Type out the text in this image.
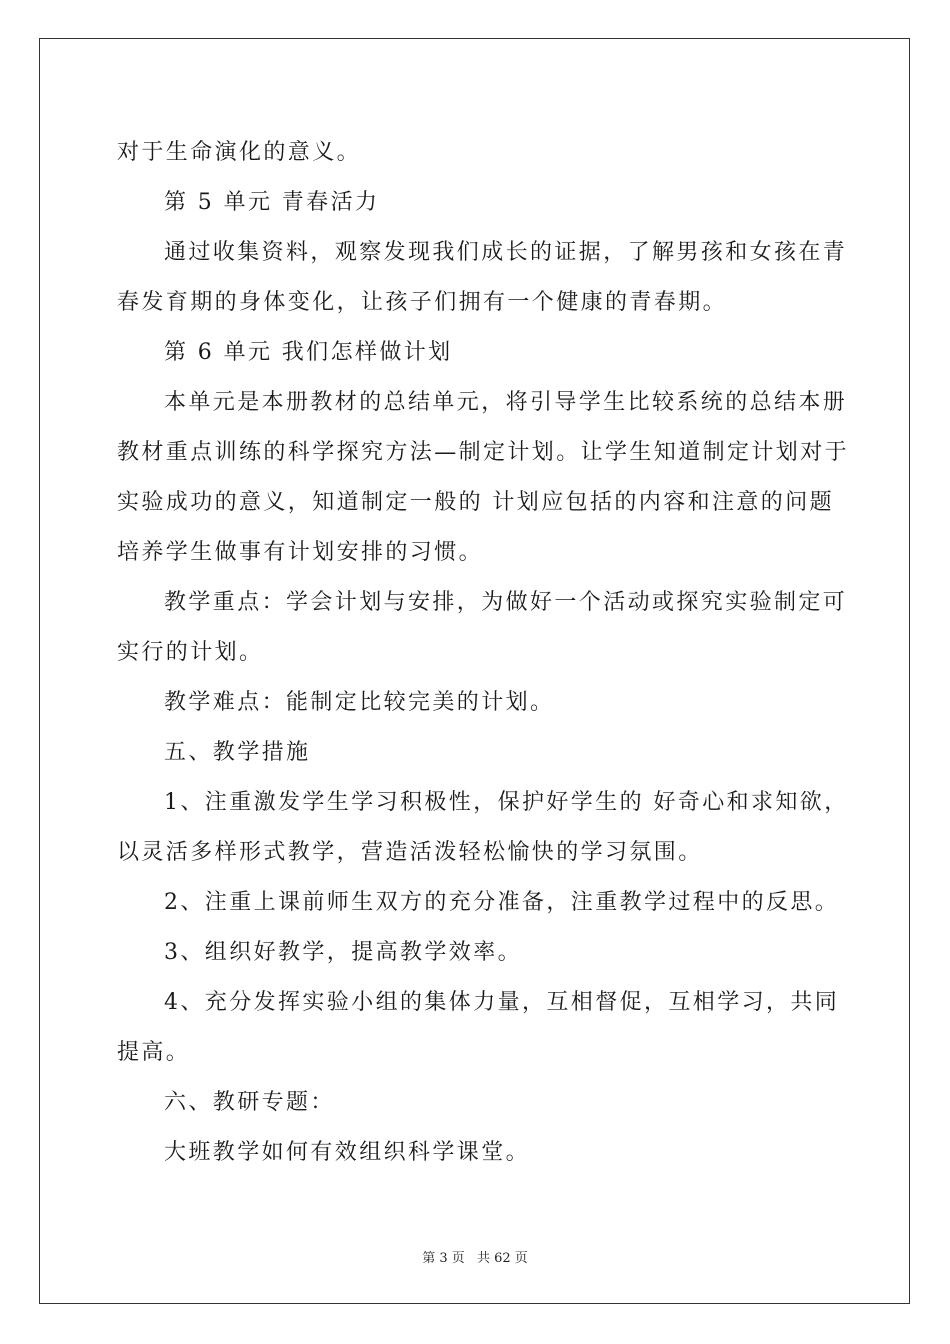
对于生命演化的意义。
第 5 单元 青春活力
通过收集资料，观察发现我们成长的证据，了解男孩和女孩在青
春发育期的身体变化，让孩子们拥有一个健康的青春期。
第 6 单元 我们怎样做计划
本单元是本册教材的总结单元，将引导学生比较系统的总结本册
教材重点训练的科学探究方法—制定计划。让学生知道制定计划对于
实验成功的意义，知道制定一般的 计划应包括的内容和注意的问题
培养学生做事有计划安排的习惯。
教学重点：学会计划与安排，为做好一个活动或探究实验制定可
实行的计划。
教学难点：能制定比较完美的计划。
五、教学措施
1、注重激发学生学习积极性，保护好学生的 好奇心和求知欲，
以灵活多样形式教学，营造活泼轻松愉快的学习氛围。
2、注重上课前师生双方的充分准备，注重教学过程中的反思。
3、组织好教学，提高教学效率。
4、充分发挥实验小组的集体力量，互相督促，互相学习，共同
提高。
六、教研专题：
大班教学如何有效组织科学课堂。
第 3 页 共 62 页
